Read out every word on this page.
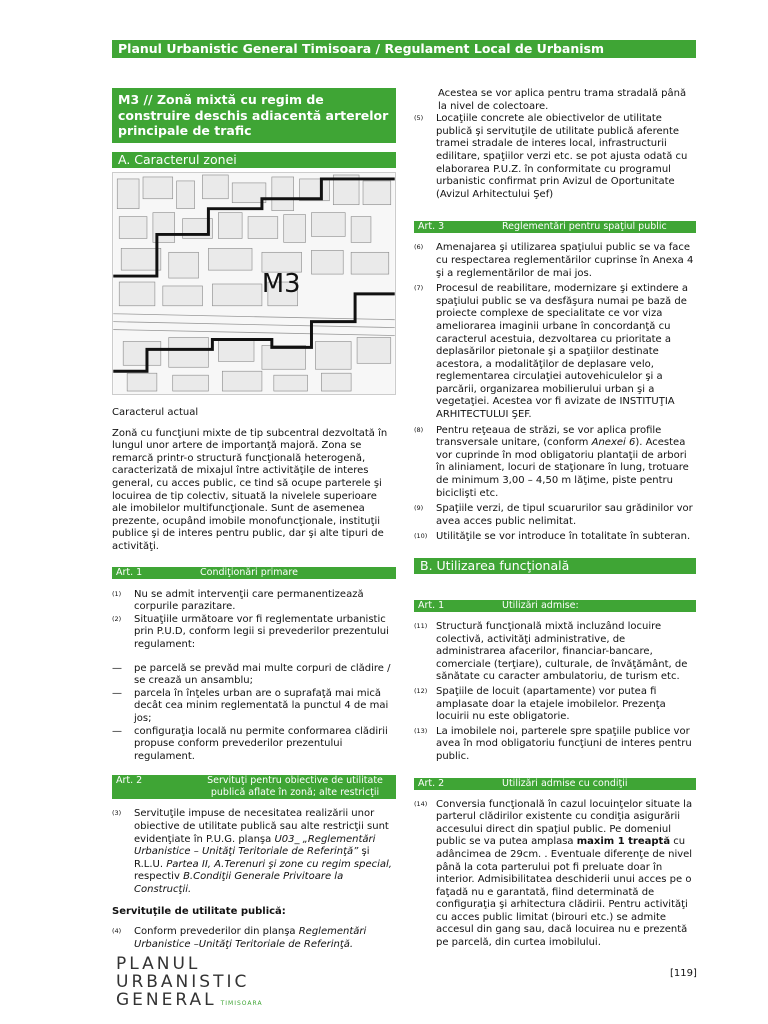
Planul Urbanistic General Timisoara / Regulament Local de Urbanism
M3 // Zonă mixtă cu regim de construire deschis adiacentă arterelor principale de trafic
A. Caracterul zonei
M3

Caracterul actual

Zonă cu funcţiuni mixte de tip subcentral dezvoltată în lungul unor artere de importanţă majoră. Zona se remarcă printr-o structură funcţională heterogenă, caracterizată de mixajul între activităţile de interes general, cu acces public, ce tind să ocupe parterele şi locuirea de tip colectiv, situată la nivelele superioare ale imobilelor multifuncţionale. Sunt de asemenea prezente, ocupând imobile monofuncţionale, instituţii publice şi de interes pentru public, dar şi alte tipuri de activităţi.

Art. 1	Condiţionări primare
(1)	Nu se admit intervenţii care permanentizează corpurile parazitare.
(2)	Situaţiile următoare vor fi reglementate urbanistic prin P.U.D, conform legii si prevederilor prezentului regulament:
—	pe parcelă se prevăd mai multe corpuri de clădire / se crează un ansamblu;
—	parcela în înţeles urban are o suprafaţă mai mică decât cea minim reglementată la punctul 4 de mai jos;
—	configuraţia locală nu permite conformarea clădirii propuse conform prevederilor prezentului regulament.
Art. 2	Servituţi pentru obiective de utilitate publică aflate în zonă; alte restricţii
(3)	Servituţile impuse de necesitatea realizării unor obiective de utilitate publică sau alte restricţii sunt evidenţiate în P.U.G. planşa U03_ „Reglementări Urbanistice – Unităţi Teritoriale de Referinţă” şi R.L.U. Partea II, A.Terenuri şi zone cu regim special, respectiv B.Condiţii Generale Privitoare la Construcţii.

Servituţile de utilitate publică:

(4)	Conform prevederilor din planşa Reglementări Urbanistice –Unităţi Teritoriale de Referinţă.
Acestea se vor aplica pentru trama stradală până la nivel de colectoare.
(5)	Locaţiile concrete ale obiectivelor de utilitate publică şi servituţile de utilitate publică aferente tramei stradale de interes local, infrastructurii edilitare, spaţiilor verzi etc. se pot ajusta odată cu elaborarea P.U.Z. în conformitate cu programul urbanistic confirmat prin Avizul de Oportunitate (Avizul Arhitectului Şef)
Art. 3	Reglementări pentru spaţiul public
(6)	Amenajarea şi utilizarea spaţiului public se va face cu respectarea reglementărilor cuprinse în Anexa 4 şi a reglementărilor de mai jos.
(7)	Procesul de reabilitare, modernizare şi extindere a spaţiului public se va desfăşura numai pe bază de proiecte complexe de specialitate ce vor viza ameliorarea imaginii urbane în concordanţă cu caracterul acestuia, dezvoltarea cu prioritate a deplasărilor pietonale şi a spaţiilor destinate acestora, a modalităţilor de deplasare velo, reglementarea circulaţiei autovehiculelor şi a parcării, organizarea mobilierului urban şi a vegetaţiei. Acestea vor fi avizate de INSTITUŢIA ARHITECTULUI ŞEF.
(8)	Pentru reţeaua de străzi, se vor aplica profile transversale unitare, (conform Anexei 6). Acestea vor cuprinde în mod obligatoriu plantaţii de arbori în aliniament, locuri de staţionare în lung, trotuare de minimum 3,00 – 4,50 m lăţime, piste pentru biciclişti etc.
(9)	Spaţiile verzi, de tipul scuarurilor sau grădinilor vor avea acces public nelimitat.
(10) Utilităţile se vor introduce în totalitate în subteran.
B. Utilizarea funcţională
Art. 1	Utilizări admise:
(11) Structură funcţională mixtă incluzând locuire colectivă, activităţi administrative, de administrarea afacerilor, financiar-bancare, comerciale (terţiare), culturale, de învăţământ, de sănătate cu caracter ambulatoriu, de turism etc.
(12) Spaţiile de locuit (apartamente) vor putea fi amplasate doar la etajele imobilelor. Prezenţa locuirii nu este obligatorie.
(13) La imobilele noi, parterele spre spaţiile publice vor avea în mod obligatoriu funcţiuni de interes pentru public.
Art. 2	Utilizări admise cu condiţii
(14) Conversia funcţională în cazul locuinţelor situate la parterul clădirilor existente cu condiţia asigurării accesului direct din spaţiul public. Pe domeniul public se va putea amplasa maxim 1 treaptă cu adâncimea de 29cm. . Eventuale diferenţe de nivel până la cota parterului pot fi preluate doar în interior. Admisibilitatea deschiderii unui acces pe o faţadă nu e garantată, fiind determinată de configuraţia şi arhitectura clădirii. Pentru activităţi cu acces public limitat (birouri etc.) se admite accesul din gang sau, dacă locuirea nu e prezentă pe parcelă, din curtea imobilului.
PLANUL
URBANISTIC
GENERAL TIMISOARA
[119]
